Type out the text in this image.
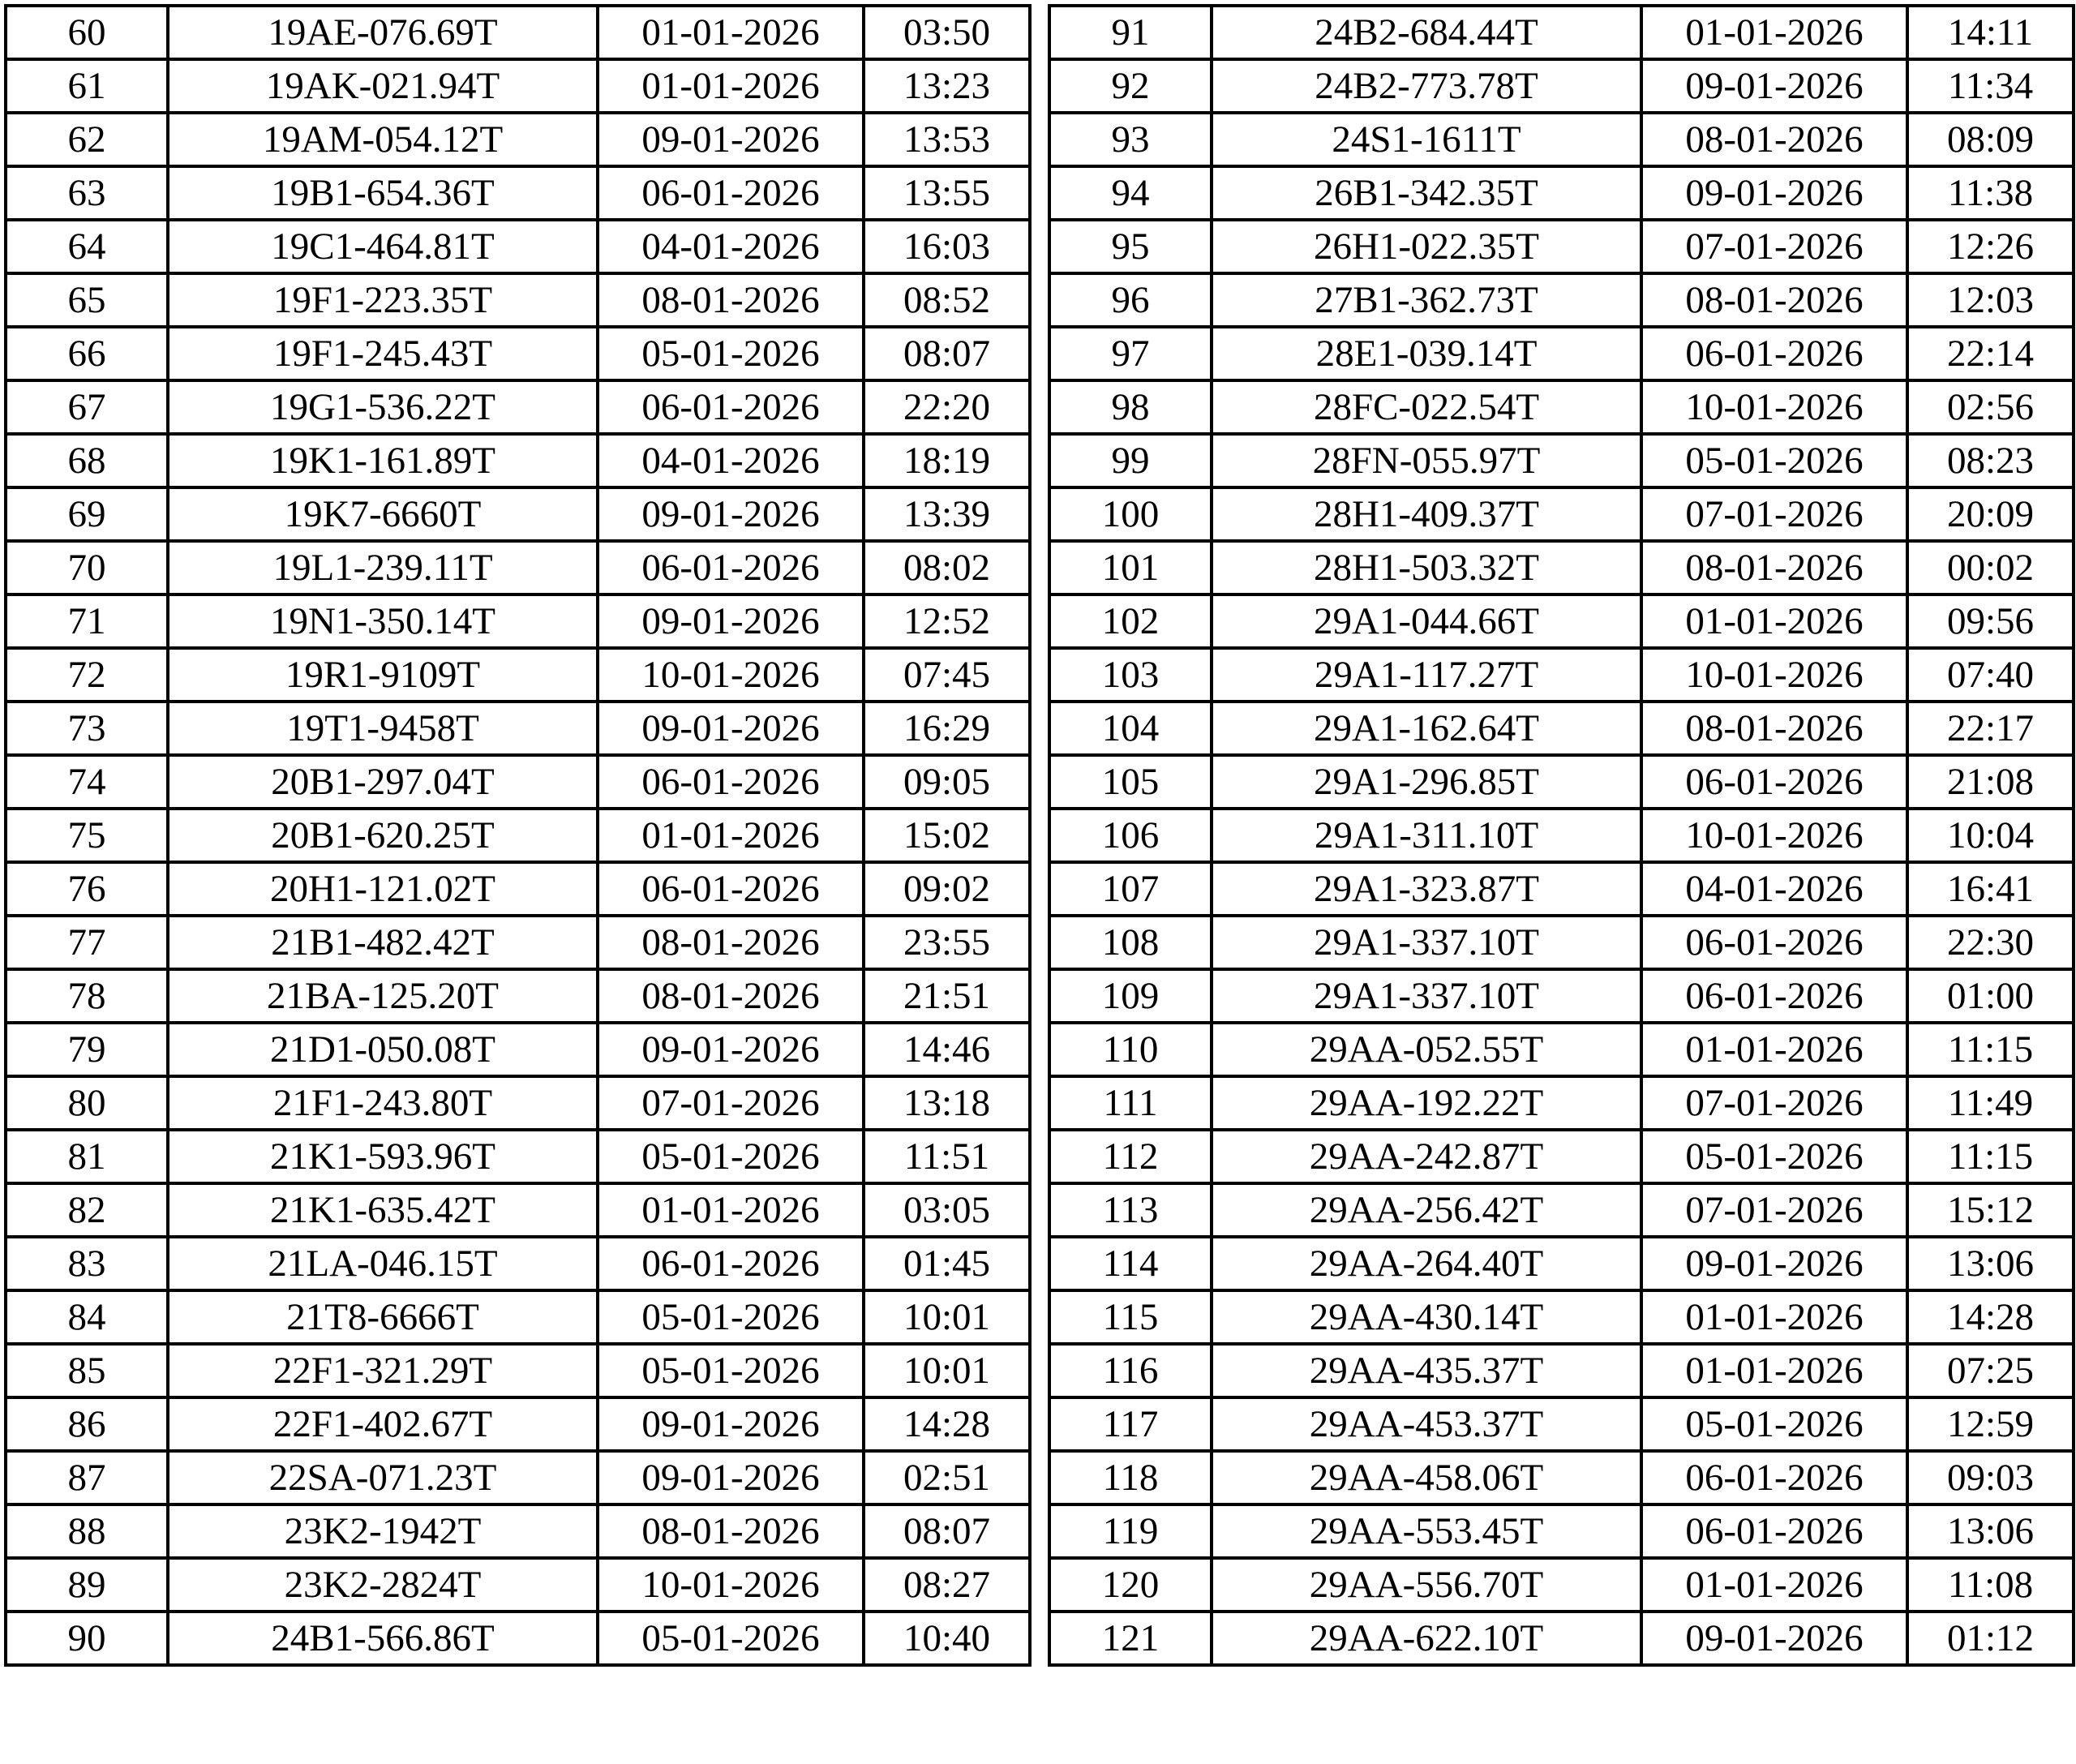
60	19AE-076.69T	01-01-2026	03:50
61	19AK-021.94T	01-01-2026	13:23
62	19AM-054.12T	09-01-2026	13:53
63	19B1-654.36T	06-01-2026	13:55
64	19C1-464.81T	04-01-2026	16:03
65	19F1-223.35T	08-01-2026	08:52
66	19F1-245.43T	05-01-2026	08:07
67	19G1-536.22T	06-01-2026	22:20
68	19K1-161.89T	04-01-2026	18:19
69	19K7-6660T	09-01-2026	13:39
70	19L1-239.11T	06-01-2026	08:02
71	19N1-350.14T	09-01-2026	12:52
72	19R1-9109T	10-01-2026	07:45
73	19T1-9458T	09-01-2026	16:29
74	20B1-297.04T	06-01-2026	09:05
75	20B1-620.25T	01-01-2026	15:02
76	20H1-121.02T	06-01-2026	09:02
77	21B1-482.42T	08-01-2026	23:55
78	21BA-125.20T	08-01-2026	21:51
79	21D1-050.08T	09-01-2026	14:46
80	21F1-243.80T	07-01-2026	13:18
81	21K1-593.96T	05-01-2026	11:51
82	21K1-635.42T	01-01-2026	03:05
83	21LA-046.15T	06-01-2026	01:45
84	21T8-6666T	05-01-2026	10:01
85	22F1-321.29T	05-01-2026	10:01
86	22F1-402.67T	09-01-2026	14:28
87	22SA-071.23T	09-01-2026	02:51
88	23K2-1942T	08-01-2026	08:07
89	23K2-2824T	10-01-2026	08:27
90	24B1-566.86T	05-01-2026	10:40
91	24B2-684.44T	01-01-2026	14:11
92	24B2-773.78T	09-01-2026	11:34
93	24S1-1611T	08-01-2026	08:09
94	26B1-342.35T	09-01-2026	11:38
95	26H1-022.35T	07-01-2026	12:26
96	27B1-362.73T	08-01-2026	12:03
97	28E1-039.14T	06-01-2026	22:14
98	28FC-022.54T	10-01-2026	02:56
99	28FN-055.97T	05-01-2026	08:23
100	28H1-409.37T	07-01-2026	20:09
101	28H1-503.32T	08-01-2026	00:02
102	29A1-044.66T	01-01-2026	09:56
103	29A1-117.27T	10-01-2026	07:40
104	29A1-162.64T	08-01-2026	22:17
105	29A1-296.85T	06-01-2026	21:08
106	29A1-311.10T	10-01-2026	10:04
107	29A1-323.87T	04-01-2026	16:41
108	29A1-337.10T	06-01-2026	22:30
109	29A1-337.10T	06-01-2026	01:00
110	29AA-052.55T	01-01-2026	11:15
111	29AA-192.22T	07-01-2026	11:49
112	29AA-242.87T	05-01-2026	11:15
113	29AA-256.42T	07-01-2026	15:12
114	29AA-264.40T	09-01-2026	13:06
115	29AA-430.14T	01-01-2026	14:28
116	29AA-435.37T	01-01-2026	07:25
117	29AA-453.37T	05-01-2026	12:59
118	29AA-458.06T	06-01-2026	09:03
119	29AA-553.45T	06-01-2026	13:06
120	29AA-556.70T	01-01-2026	11:08
121	29AA-622.10T	09-01-2026	01:12
